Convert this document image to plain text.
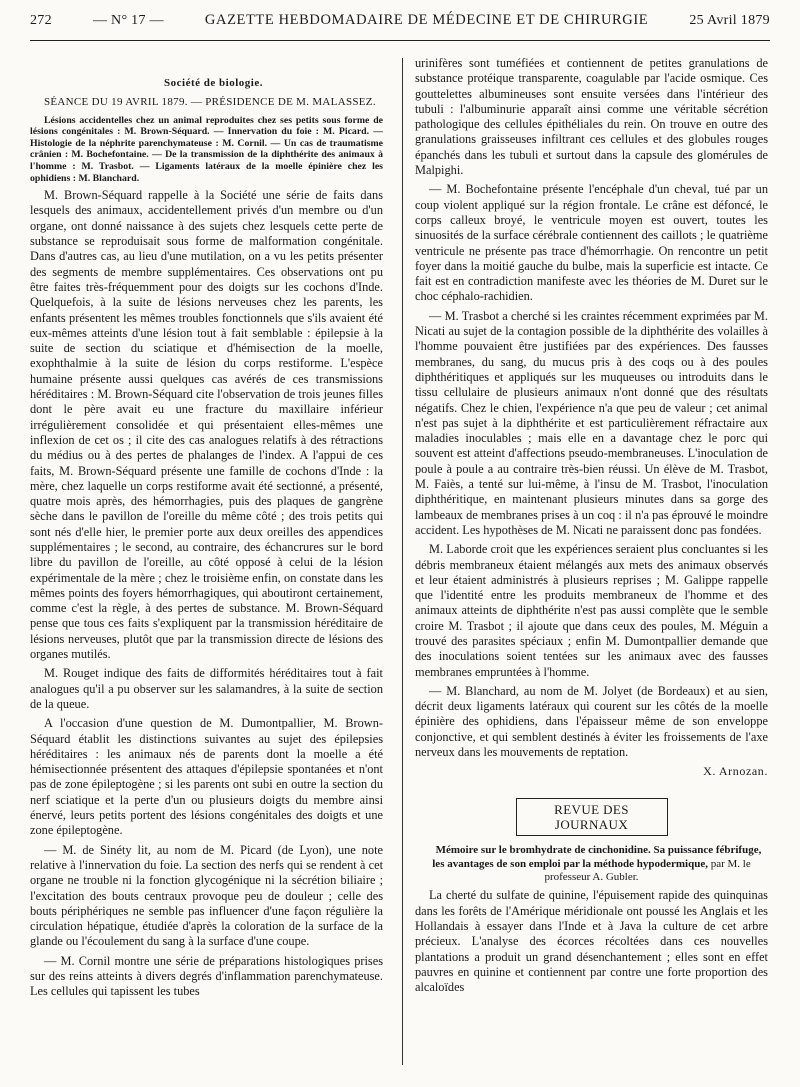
272	— N° 17 —	GAZETTE HEBDOMADAIRE DE MÉDECINE ET DE CHIRURGIE	25 Avril 1879

Société de biologie.

SÉANCE DU 19 AVRIL 1879. — PRÉSIDENCE DE M. MALASSEZ.

Lésions accidentelles chez un animal reproduites chez ses petits sous forme de lésions congénitales : M. Brown-Séquard. — Innervation du foie : M. Picard. — Histologie de la néphrite parenchymateuse : M. Cornil. — Un cas de traumatisme crânien : M. Bochefontaine. — De la transmission de la diphthérite des animaux à l'homme : M. Trasbot. — Ligaments latéraux de la moelle épinière chez les ophidiens : M. Blanchard.

M. Brown-Séquard rappelle à la Société une série de faits dans lesquels des animaux, accidentellement privés d'un membre ou d'un organe, ont donné naissance à des sujets chez lesquels cette perte de substance se reproduisait sous forme de malformation congénitale. Dans d'autres cas, au lieu d'une mutilation, on a vu les petits présenter des segments de membre supplémentaires. Ces observations ont pu être faites très-fréquemment pour des doigts sur les cochons d'Inde. Quelquefois, à la suite de lésions nerveuses chez les parents, les enfants présentent les mêmes troubles fonctionnels que s'ils avaient été eux-mêmes atteints d'une lésion tout à fait semblable : épilepsie à la suite de section du sciatique et d'hémisection de la moelle, exophthalmie à la suite de lésion du corps restiforme. L'espèce humaine présente aussi quelques cas avérés de ces transmissions héréditaires : M. Brown-Séquard cite l'observation de trois jeunes filles dont le père avait eu une fracture du maxillaire inférieur irrégulièrement consolidée et qui présentaient elles-mêmes une inflexion de cet os ; il cite des cas analogues relatifs à des rétractions du médius ou à des pertes de phalanges de l'index. A l'appui de ces faits, M. Brown-Séquard présente une famille de cochons d'Inde : la mère, chez laquelle un corps restiforme avait été sectionné, a présenté, quatre mois après, des hémorrhagies, puis des plaques de gangrène sèche dans le pavillon de l'oreille du même côté ; des trois petits qui sont nés d'elle hier, le premier porte aux deux oreilles des appendices supplémentaires ; le second, au contraire, des échancrures sur le bord libre du pavillon de l'oreille, au côté opposé à celui de la lésion expérimentale de la mère ; chez le troisième enfin, on constate dans les mêmes points des foyers hémorrhagiques, qui aboutiront certainement, comme c'est la règle, à des pertes de substance. M. Brown-Séquard pense que tous ces faits s'expliquent par la transmission héréditaire de lésions nerveuses, plutôt que par la transmission directe de lésions des organes mutilés.

M. Rouget indique des faits de difformités héréditaires tout à fait analogues qu'il a pu observer sur les salamandres, à la suite de section de la queue.

A l'occasion d'une question de M. Dumontpallier, M. Brown-Séquard établit les distinctions suivantes au sujet des épilepsies héréditaires : les animaux nés de parents dont la moelle a été hémisectionnée présentent des attaques d'épilepsie spontanées et n'ont pas de zone épileptogène ; si les parents ont subi en outre la section du nerf sciatique et la perte d'un ou plusieurs doigts du membre ainsi énervé, leurs petits portent des lésions congénitales des doigts et une zone épileptogène.

— M. de Sinéty lit, au nom de M. Picard (de Lyon), une note relative à l'innervation du foie. La section des nerfs qui se rendent à cet organe ne trouble ni la fonction glycogénique ni la sécrétion biliaire ; l'excitation des bouts centraux provoque peu de douleur ; celle des bouts périphériques ne semble pas influencer d'une façon régulière la circulation hépatique, étudiée d'après la coloration de la surface de la glande ou l'écoulement du sang à la surface d'une coupe.

— M. Cornil montre une série de préparations histologiques prises sur des reins atteints à divers degrés d'inflammation parenchymateuse. Les cellules qui tapissent les tubes

urinifères sont tuméfiées et contiennent de petites granulations de substance protéique transparente, coagulable par l'acide osmique. Ces gouttelettes albumineuses sont ensuite versées dans l'intérieur des tubuli : l'albuminurie apparaît ainsi comme une véritable sécrétion pathologique des cellules épithéliales du rein. On trouve en outre des granulations graisseuses infiltrant ces cellules et des globules rouges épanchés dans les tubuli et surtout dans la capsule des glomérules de Malpighi.

— M. Bochefontaine présente l'encéphale d'un cheval, tué par un coup violent appliqué sur la région frontale. Le crâne est défoncé, le corps calleux broyé, le ventricule moyen est ouvert, toutes les sinuosités de la surface cérébrale contiennent des caillots ; le quatrième ventricule ne présente pas trace d'hémorrhagie. On rencontre un petit foyer dans la moitié gauche du bulbe, mais la superficie est intacte. Ce fait est en contradiction manifeste avec les théories de M. Duret sur le choc céphalo-rachidien.

— M. Trasbot a cherché si les craintes récemment exprimées par M. Nicati au sujet de la contagion possible de la diphthérite des volailles à l'homme pouvaient être justifiées par des expériences. Des fausses membranes, du sang, du mucus pris à des coqs ou à des poules diphthéritiques et appliqués sur les muqueuses ou introduits dans le tissu cellulaire de plusieurs animaux n'ont donné que des résultats négatifs. Chez le chien, l'expérience n'a que peu de valeur ; cet animal n'est pas sujet à la diphthérite et est particulièrement réfractaire aux maladies inoculables ; mais elle en a davantage chez le porc qui souvent est atteint d'affections pseudo-membraneuses. L'inoculation de poule à poule a au contraire très-bien réussi. Un élève de M. Trasbot, M. Faiès, a tenté sur lui-même, à l'insu de M. Trasbot, l'inoculation diphthéritique, en maintenant plusieurs minutes dans sa gorge des lambeaux de membranes prises à un coq : il n'a pas éprouvé le moindre accident. Les hypothèses de M. Nicati ne paraissent donc pas fondées.

M. Laborde croit que les expériences seraient plus concluantes si les débris membraneux étaient mélangés aux mets des animaux observés et leur étaient administrés à plusieurs reprises ; M. Galippe rappelle que l'identité entre les produits membraneux de l'homme et des animaux atteints de diphthérite n'est pas aussi complète que le semble croire M. Trasbot ; il ajoute que dans ceux des poules, M. Méguin a trouvé des parasites spéciaux ; enfin M. Dumontpallier demande que des inoculations soient tentées sur les animaux avec des fausses membranes empruntées à l'homme.

— M. Blanchard, au nom de M. Jolyet (de Bordeaux) et au sien, décrit deux ligaments latéraux qui courent sur les côtés de la moelle épinière des ophidiens, dans l'épaisseur même de son enveloppe conjonctive, et qui semblent destinés à éviter les froissements de l'axe nerveux dans les mouvements de reptation.

X. Arnozan.

REVUE DES JOURNAUX

Mémoire sur le bromhydrate de cinchonidine. Sa puissance fébrifuge, les avantages de son emploi par la méthode hypodermique, par M. le professeur A. Gubler.

La cherté du sulfate de quinine, l'épuisement rapide des quinquinas dans les forêts de l'Amérique méridionale ont poussé les Anglais et les Hollandais à essayer dans l'Inde et à Java la culture de cet arbre précieux. L'analyse des écorces récoltées dans ces nouvelles plantations a produit un grand désenchantement ; elles sont en effet pauvres en quinine et contiennent par contre une forte proportion des alcaloïdes
